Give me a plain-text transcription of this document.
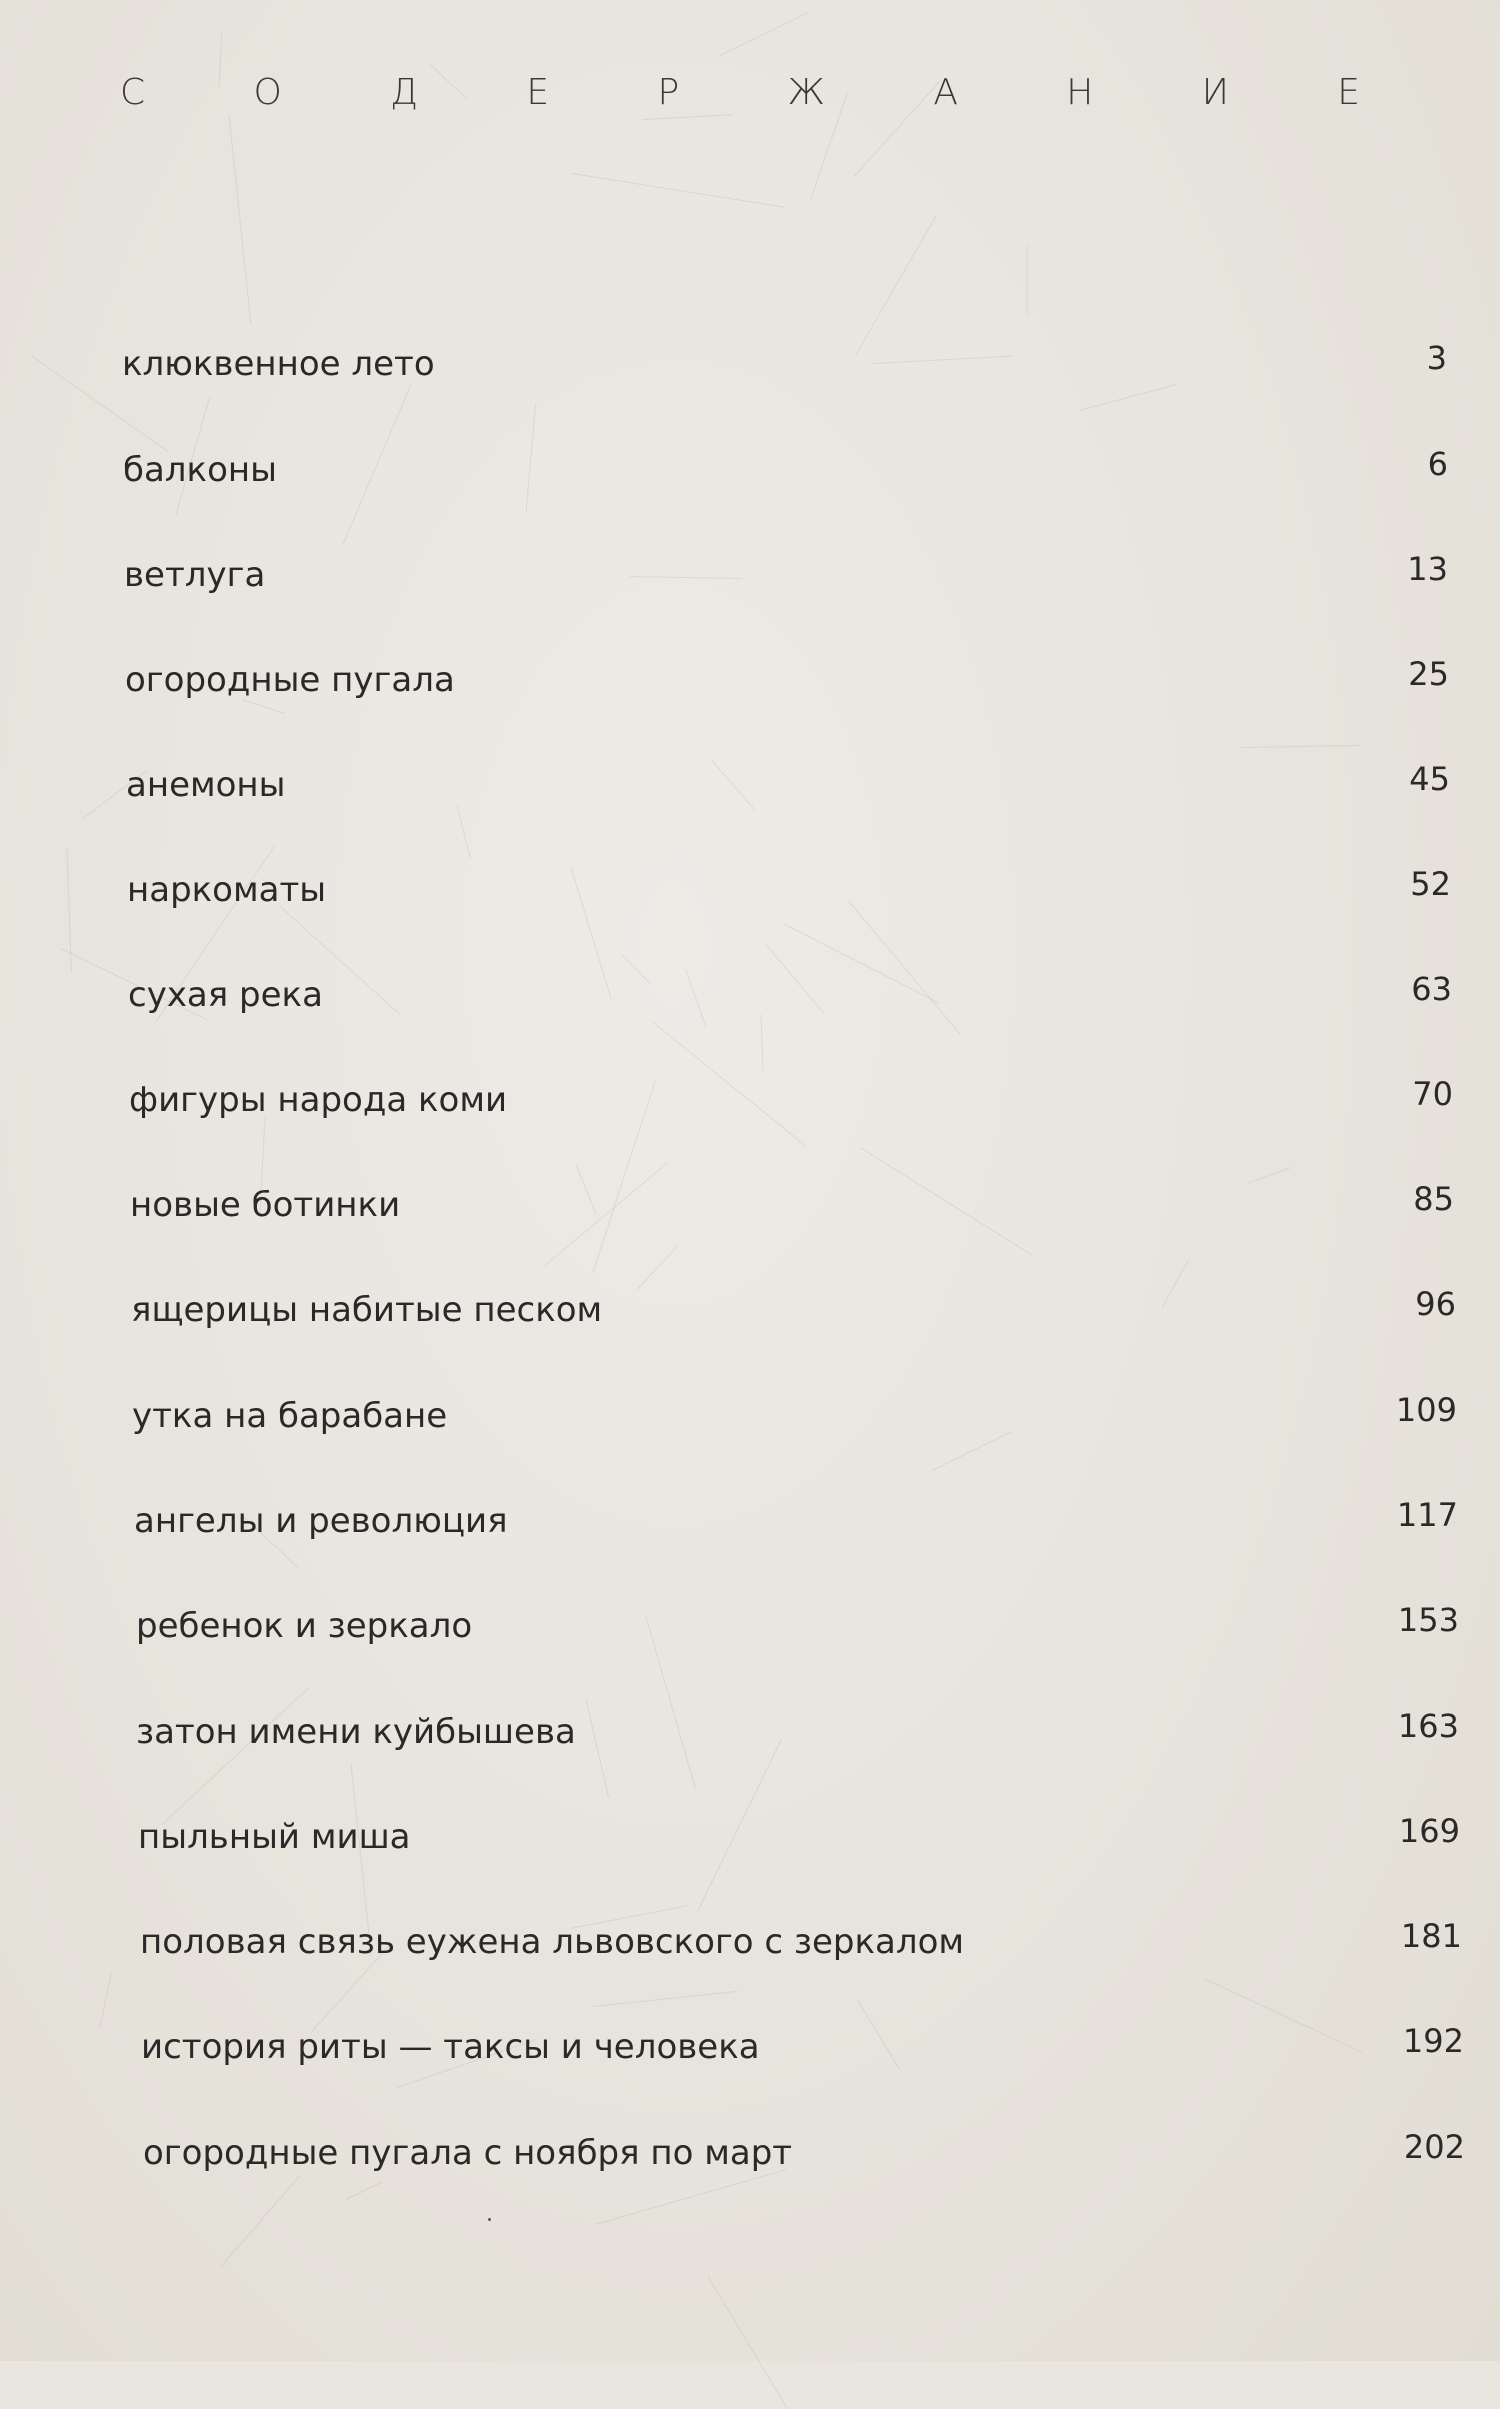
С	О	Д	Е	Р	Ж	А	Н	И	Е
клюквенное лето	3
балконы	6
ветлуга	13
огородные пугала	25
анемоны	45
наркоматы	52
сухая река	63
фигуры народа коми	70
новые ботинки	85
ящерицы набитые песком	96
утка на барабане	109
ангелы и революция	117
ребенок и зеркало	153
затон имени куйбышева	163
пыльный миша	169
половая связь еужена львовского с зеркалом	181
история риты — таксы и человека	192
огородные пугала с ноября по март	202
